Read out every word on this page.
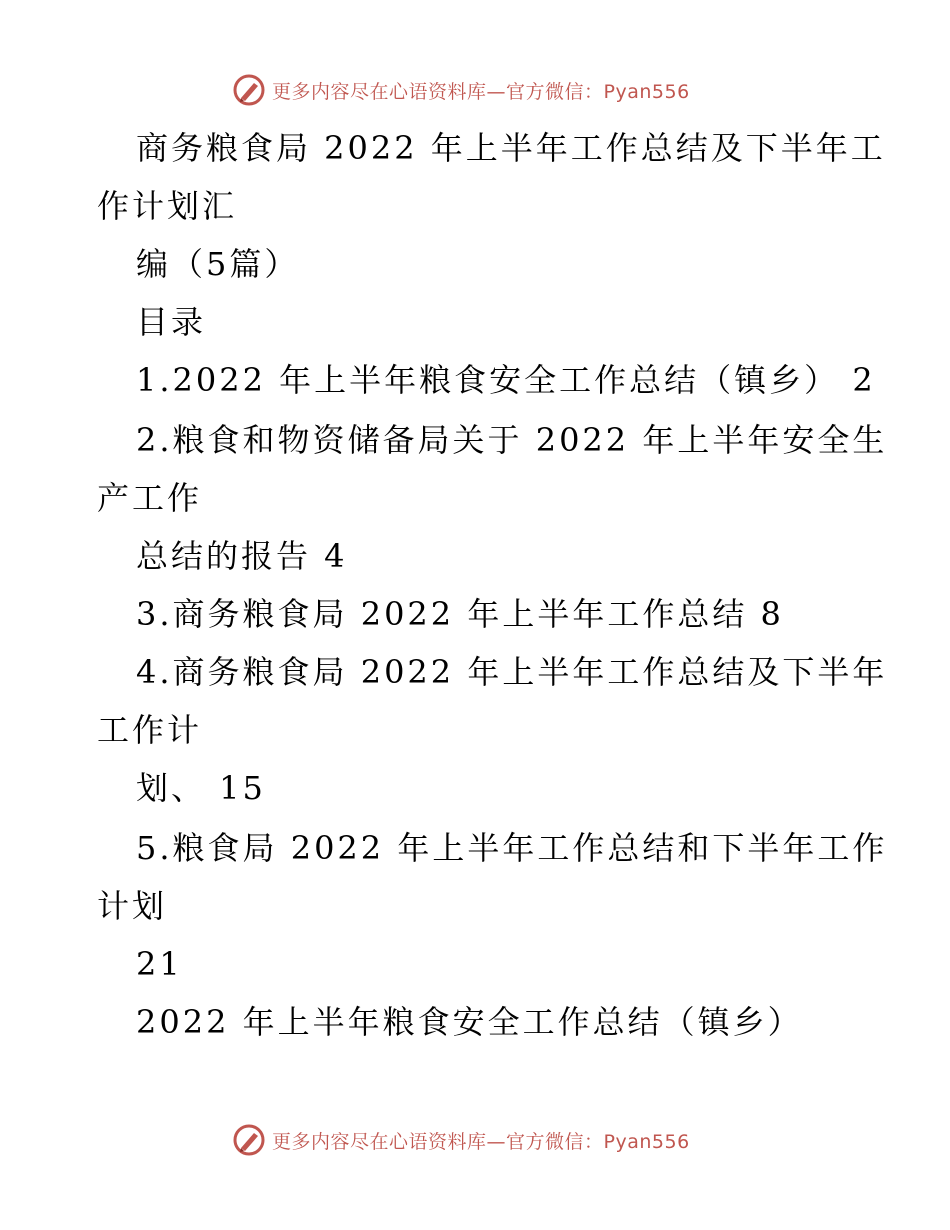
更多内容尽在心语资料库—官方微信：Pyan556
商务粮食局 2022 年上半年工作总结及下半年工
作计划汇
编（5篇）
目录
1.2022 年上半年粮食安全工作总结（镇乡） 2
2.粮食和物资储备局关于 2022 年上半年安全生
产工作
总结的报告 4
3.商务粮食局 2022 年上半年工作总结 8
4.商务粮食局 2022 年上半年工作总结及下半年
工作计
划、 15
5.粮食局 2022 年上半年工作总结和下半年工作
计划
21
2022 年上半年粮食安全工作总结（镇乡）
更多内容尽在心语资料库—官方微信：Pyan556
